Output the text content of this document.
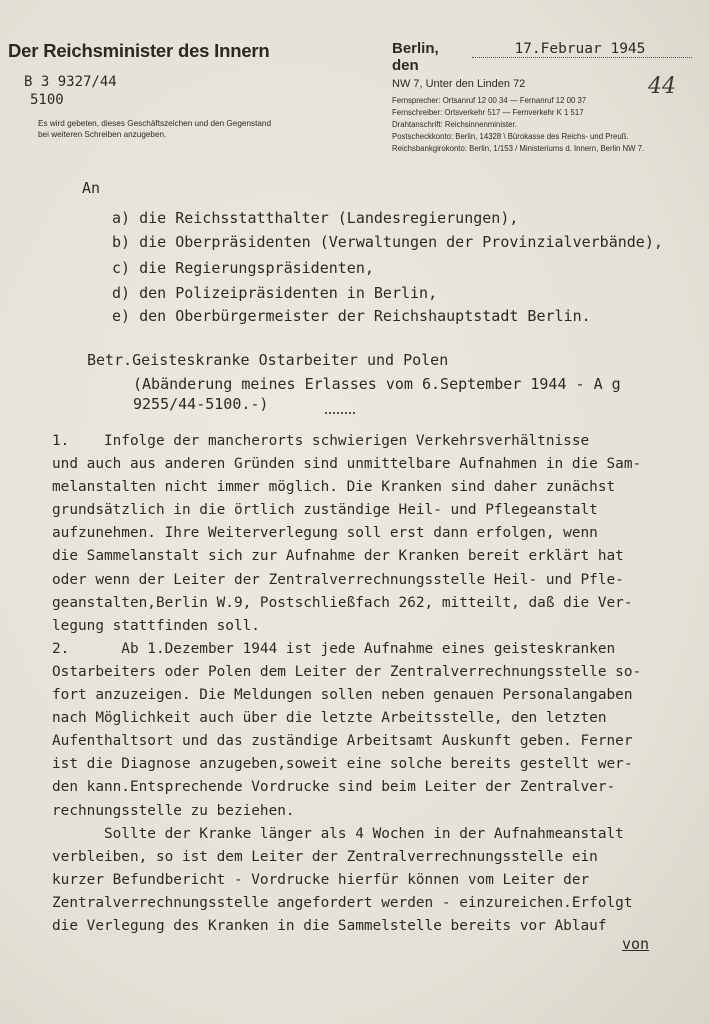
Der Reichsminister des Innern
B 3 9327/44
5100
Es wird gebeten, dieses Geschäftszeichen und den Gegenstand bei weiteren Schreiben anzugeben.
Berlin, den
17.Februar 1945
NW 7, Unter den Linden 72
Fernsprecher: Ortsanruf 12 00 34 — Fernanruf 12 00 37
Fernschreiber: Ortsverkehr 517 — Fernverkehr K 1 517
Drahtanschrift: Reichsinnenminister.
Postscheckkonto: Berlin, 14328 \ Bürokasse des Reichs- und Preuß.
Reichsbankgirokonto: Berlin, 1/153 / Ministeriums d. Innern, Berlin NW 7.
44
An
a) die Reichsstatthalter (Landesregierungen),
b) die Oberpräsidenten (Verwaltungen der Provinzialverbände),
c) die Regierungspräsidenten,
d) den Polizeipräsidenten in Berlin,
e) den Oberbürgermeister der Reichshauptstadt Berlin.
Betr.Geisteskranke Ostarbeiter und Polen
(Abänderung meines Erlasses vom 6.September 1944 - A g
9255/44-5100.-)
1.    Infolge der mancherorts schwierigen Verkehrsverhältnisse
und auch aus anderen Gründen sind unmittelbare Aufnahmen in die Sam-
melanstalten nicht immer möglich. Die Kranken sind daher zunächst
grundsätzlich in die örtlich zuständige Heil- und Pflegeanstalt
aufzunehmen. Ihre Weiterverlegung soll erst dann erfolgen, wenn
die Sammelanstalt sich zur Aufnahme der Kranken bereit erklärt hat
oder wenn der Leiter der Zentralverrechnungsstelle Heil- und Pfle-
geanstalten,Berlin W.9, Postschließfach 262, mitteilt, daß die Ver-
legung stattfinden soll.
2.      Ab 1.Dezember 1944 ist jede Aufnahme eines geisteskranken
Ostarbeiters oder Polen dem Leiter der Zentralverrechnungsstelle so-
fort anzuzeigen. Die Meldungen sollen neben genauen Personalangaben
nach Möglichkeit auch über die letzte Arbeitsstelle, den letzten
Aufenthaltsort und das zuständige Arbeitsamt Auskunft geben. Ferner
ist die Diagnose anzugeben,soweit eine solche bereits gestellt wer-
den kann.Entsprechende Vordrucke sind beim Leiter der Zentralver-
rechnungsstelle zu beziehen.
Sollte der Kranke länger als 4 Wochen in der Aufnahmeanstalt
verbleiben, so ist dem Leiter der Zentralverrechnungsstelle ein
kurzer Befundbericht - Vordrucke hierfür können vom Leiter der
Zentralverrechnungsstelle angefordert werden - einzureichen.Erfolgt
die Verlegung des Kranken in die Sammelstelle bereits vor Ablauf
von
